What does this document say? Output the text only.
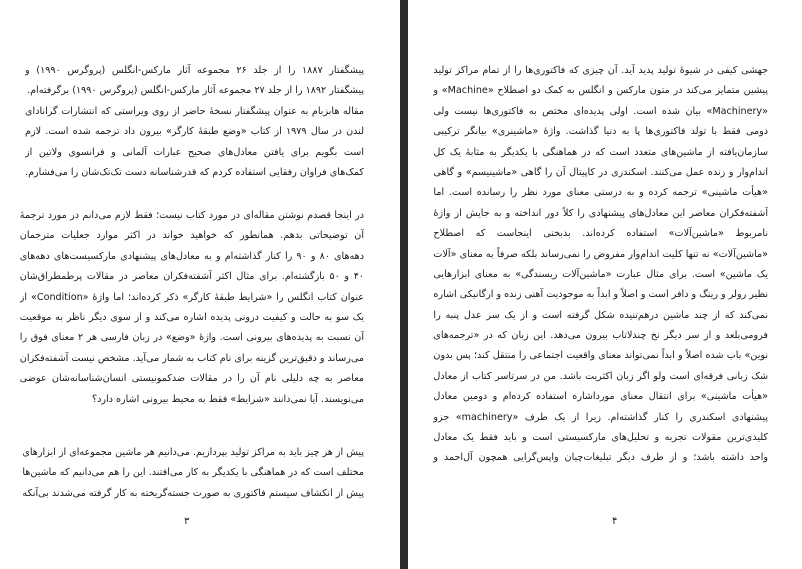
پیشگفتار ۱۸۸۷ را از جلد ۲۶ مجموعه آثار مارکس-انگلس (پروگرس ۱۹۹۰) و
پیشگفتار ۱۸۹۲ را از جلد ۲۷ مجموعه آثار مارکس-انگلس (پروگرس ۱۹۹۰) برگرفته‌ام.
مقاله هابزبام به عنوان پیشگفتار نسخه‌ٔ حاضر از روی ویراستی که انتشارات گراناداى
لندن در سال ۱۹۷۹ از کتاب «وضع طبقهٔ کارگر» بیرون داد ترجمه شده است. لازم
است بگویم برای یافتن معادل‌های صحیح عبارات آلمانی و فرانسوی ولاتین از
کمک‌های فراوان رفقایی استفاده کردم که قدرشناسانه دست تک‌تک‌شان را می‌فشارم.
در اینجا قصدم نوشتن مقاله‌ای در مورد کتاب نیست؛ فقط لازم می‌دانم در مورد ترجمهٔ
آن توضیحاتی بدهم. همانطور که خواهید خواند در اکثر موارد جعلیات مترجمان
دهه‌های ۸۰ و ۹۰ را کنار گذاشته‌ام و به معادل‌های پیشنهادی مارکسیست‌های دهه‌های
۴۰ و ۵۰ بازگشته‌ام. برای مثال اکثر آشفته‌فکران معاصر در مقالات پرطمطراق‌شان
عنوان کتاب انگلس را «شرایط طبقهٔ کارگر» ذکر کرده‌اند؛ اما واژهٔ «Condition» از
یک سو به حالت و کیفیت درونی پدیده اشاره می‌کند و از سوی دیگر ناظر به موقعیت
آن نسبت به پدیده‌های بیرونی است. واژهٔ «وضع» در زبان فارسی هر ۲ معنای فوق را
می‌رساند و دقیق‌ترین گزینه برای نام کتاب به شمار می‌آید. مشخص نیست آشفته‌فکران
معاصر به چه دلیلی نام آن را در مقالات ضدکمونیستی انسان‌شناسانه‌شان عوضی
می‌نویسند. آیا نمی‌دانند «شرایط» فقط به محیط بیرونی اشاره دارد؟
پیش از هر چیز باید به مراکز تولید بپردازیم. می‌دانیم هر ماشین مجموعه‌ای از ابزارهای
مختلف است که در هماهنگی با یکدیگر به کار می‌افتند. این را هم می‌دانیم که ماشین‌ها
پیش از انکشاف سیستم فاکتوری به صورت جسته‌گریخته به کار گرفته می‌شدند بی‌آنکه
۳
جهشی کیفی در شیوهٔ تولید پدید آید. آن چیزی که فاکتوری‌ها را از تمام مراکز تولید
پیشین متمایز می‌کند در متون مارکس و انگلس به کمک دو اصطلاح «Machine» و
«Machinery» بیان شده است. اولی پدیده‌ای مختص به فاکتوری‌ها نیست ولی
دومی فقط با تولد فاکتوری‌ها پا به دنیا گذاشت. واژهٔ «ماشینری» بیانگر ترکیبی
سازمان‌یافته از ماشین‌های متعدد است که در هماهنگی با یکدیگر به مثابهٔ یک کل
اندام‌وار و زنده عمل می‌کنند. اسکندری در کاپیتال آن را گاهی «ماشینیسم» و گاهی
«هیأت ماشینی» ترجمه کرده و به درستی معنای مورد نظر را رسانده است. اما
آشفته‌فکران معاصر این معادل‌های پیشنهادی را کلاً دور انداخته و به جایش از واژهٔ
نامربوط «ماشین‌آلات» استفاده کرده‌اند. بدبختی اینجاست که اصطلاح
«ماشین‌آلات» نه تنها کلیت اندام‌وار مفروض را نمی‌رساند بلکه صرفاً به معنای «آلات
یک ماشین» است. برای مثال عبارت «ماشین‌آلات ریسندگی» به معنای ابزارهایی
نظیر رولر و رینگ و دافر است و اصلاً و ابداً به موجودیت آهنی زنده و ارگانیکی اشاره
نمی‌کند که از چند ماشین درهم‌تنیده شکل گرفته است و از یک سر عدل پنبه را
فرومی‌بلعد و از سر دیگر نخ چندلاتاب بیرون می‌دهد. این زبان که در «ترجمه‌های
نوین» باب شده اصلاً و ابداً نمی‌تواند معنای واقعیت اجتماعی را منتقل کند؛ پس بدون
شک زبانی فرقه‌ای است ولو اگر زبان اکثریت باشد. من در سرتاسر کتاب از معادل
«هیأت ماشینی» برای انتقال معنای مورداشاره استفاده کرده‌ام و دومین معادل
پیشنهادی اسکندری را کنار گذاشته‌ام. زیرا از یک طرف «machinery» جزو
کلیدی‌ترین مقولات تجربه و تحلیل‌های مارکسیستی است و باید فقط یک معادل
واحد داشته باشد؛ و از طرف دیگر تبلیغات‌چیان واپس‌گرایی همچون آل‌احمد و
۴
